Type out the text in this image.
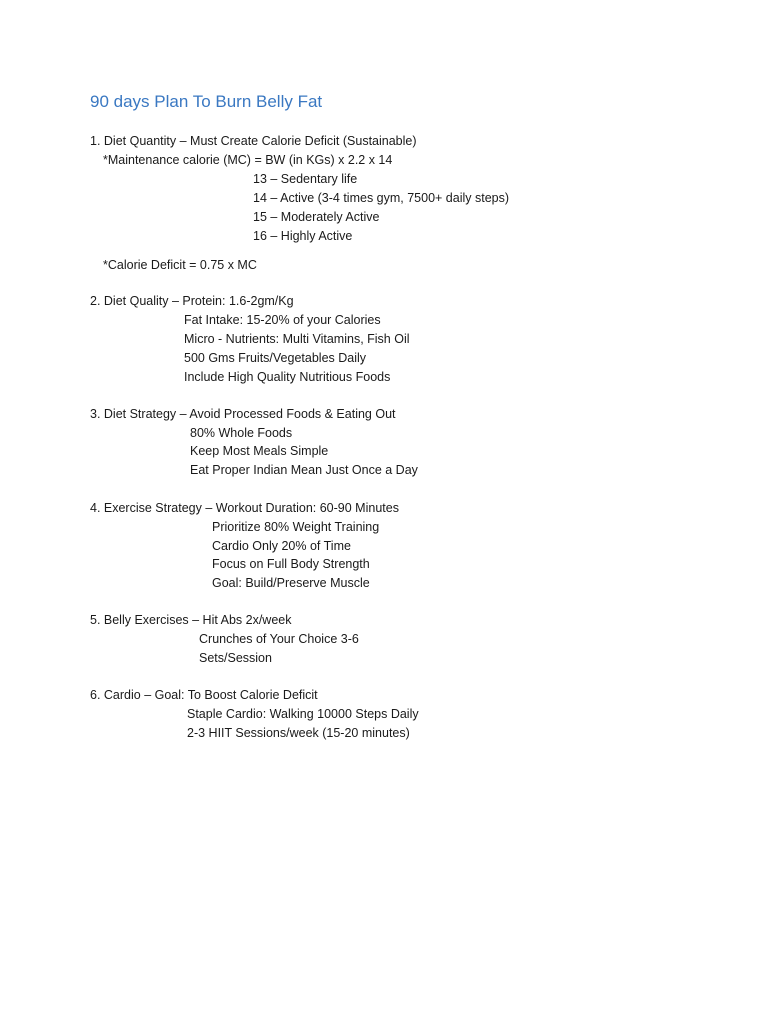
90 days Plan To Burn Belly Fat
1. Diet Quantity – Must Create Calorie Deficit (Sustainable)
*Maintenance calorie (MC) = BW (in KGs) x 2.2 x 14
13 – Sedentary life
14 – Active (3-4 times gym, 7500+ daily steps)
15 – Moderately Active
16 – Highly Active
*Calorie Deficit = 0.75 x MC
2. Diet Quality – Protein: 1.6-2gm/Kg
Fat Intake: 15-20% of your Calories
Micro - Nutrients: Multi Vitamins, Fish Oil
500 Gms Fruits/Vegetables Daily
Include High Quality Nutritious Foods
3. Diet Strategy – Avoid Processed Foods & Eating Out
80% Whole Foods
Keep Most Meals Simple
Eat Proper Indian Mean Just Once a Day
4. Exercise Strategy – Workout Duration: 60-90 Minutes
Prioritize 80% Weight Training
Cardio Only 20% of Time
Focus on Full Body Strength
Goal: Build/Preserve Muscle
5. Belly Exercises – Hit Abs 2x/week
Crunches of Your Choice 3-6
Sets/Session
6. Cardio – Goal: To Boost Calorie Deficit
Staple Cardio: Walking 10000 Steps Daily
2-3 HIIT Sessions/week (15-20 minutes)
